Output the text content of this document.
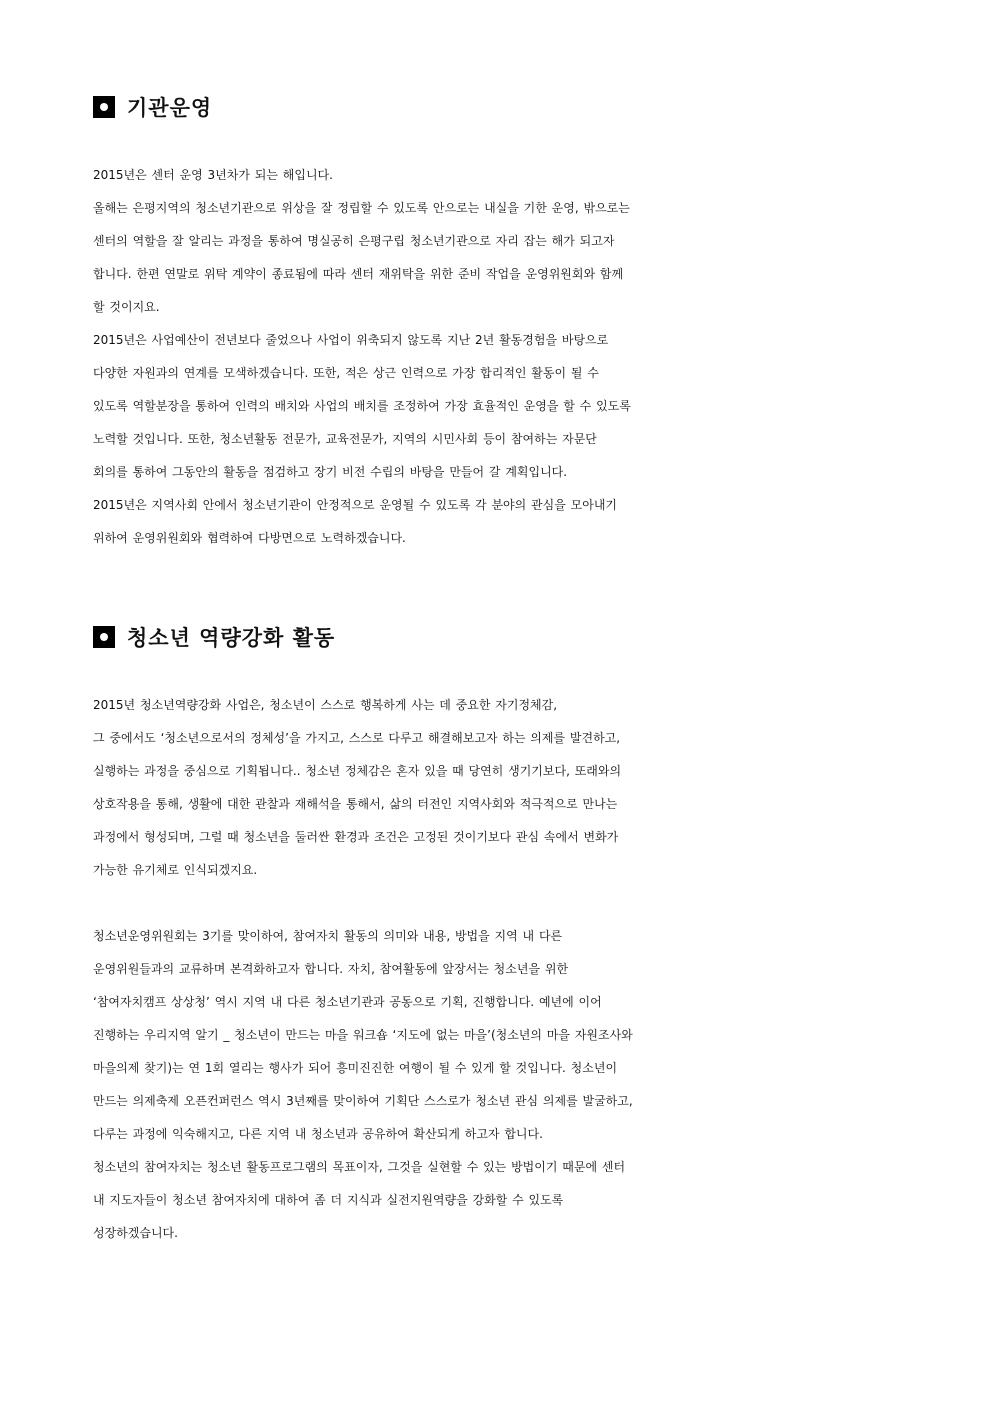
기관운영
2015년은 센터 운영 3년차가 되는 해입니다.
올해는 은평지역의 청소년기관으로 위상을 잘 정립할 수 있도록 안으로는 내실을 기한 운영, 밖으로는
센터의 역할을 잘 알리는 과정을 통하여 명실공히 은평구립 청소년기관으로 자리 잡는 해가 되고자
합니다. 한편 연말로 위탁 계약이 종료됨에 따라 센터 재위탁을 위한 준비 작업을 운영위원회와 함께
할 것이지요.
2015년은 사업예산이 전년보다 줄었으나 사업이 위축되지 않도록 지난 2년 활동경험을 바탕으로
다양한 자원과의 연계를 모색하겠습니다. 또한, 적은 상근 인력으로 가장 합리적인 활동이 될 수
있도록 역할분장을 통하여 인력의 배치와 사업의 배치를 조정하여 가장 효율적인 운영을 할 수 있도록
노력할 것입니다. 또한, 청소년활동 전문가, 교육전문가, 지역의 시민사회 등이 참여하는 자문단
회의를 통하여 그동안의 활동을 점검하고 장기 비전 수립의 바탕을 만들어 갈 계획입니다.
2015년은 지역사회 안에서 청소년기관이 안정적으로 운영될 수 있도록 각 분야의 관심을 모아내기
위하여 운영위원회와 협력하여 다방면으로 노력하겠습니다.
청소년 역량강화 활동
2015년 청소년역량강화 사업은, 청소년이 스스로 행복하게 사는 데 중요한 자기정체감,
그 중에서도 ‘청소년으로서의 정체성’을 가지고, 스스로 다루고 해결해보고자 하는 의제를 발견하고,
실행하는 과정을 중심으로 기획됩니다.. 청소년 정체감은 혼자 있을 때 당연히 생기기보다, 또래와의
상호작용을 통해, 생활에 대한 관찰과 재해석을 통해서, 삶의 터전인 지역사회와 적극적으로 만나는
과정에서 형성되며, 그럴 때 청소년을 둘러싼 환경과 조건은 고정된 것이기보다 관심 속에서 변화가
가능한 유기체로 인식되겠지요.
청소년운영위원회는 3기를 맞이하여, 참여자치 활동의 의미와 내용, 방법을 지역 내 다른
운영위원들과의 교류하며 본격화하고자 합니다. 자치, 참여활동에 앞장서는 청소년을 위한
‘참여자치캠프 상상청’ 역시 지역 내 다른 청소년기관과 공동으로 기획, 진행합니다. 예년에 이어
진행하는 우리지역 알기 _ 청소년이 만드는 마을 워크숍 ‘지도에 없는 마을’(청소년의 마을 자원조사와
마을의제 찾기)는 연 1회 열리는 행사가 되어 흥미진진한 여행이 될 수 있게 할 것입니다. 청소년이
만드는 의제축제 오픈컨퍼런스 역시 3년째를 맞이하여 기획단 스스로가 청소년 관심 의제를 발굴하고,
다루는 과정에 익숙해지고, 다른 지역 내 청소년과 공유하여 확산되게 하고자 합니다.
청소년의 참여자치는 청소년 활동프로그램의 목표이자, 그것을 실현할 수 있는 방법이기 때문에 센터
내 지도자들이 청소년 참여자치에 대하여 좀 더 지식과 실전지원역량을 강화할 수 있도록
성장하겠습니다.
